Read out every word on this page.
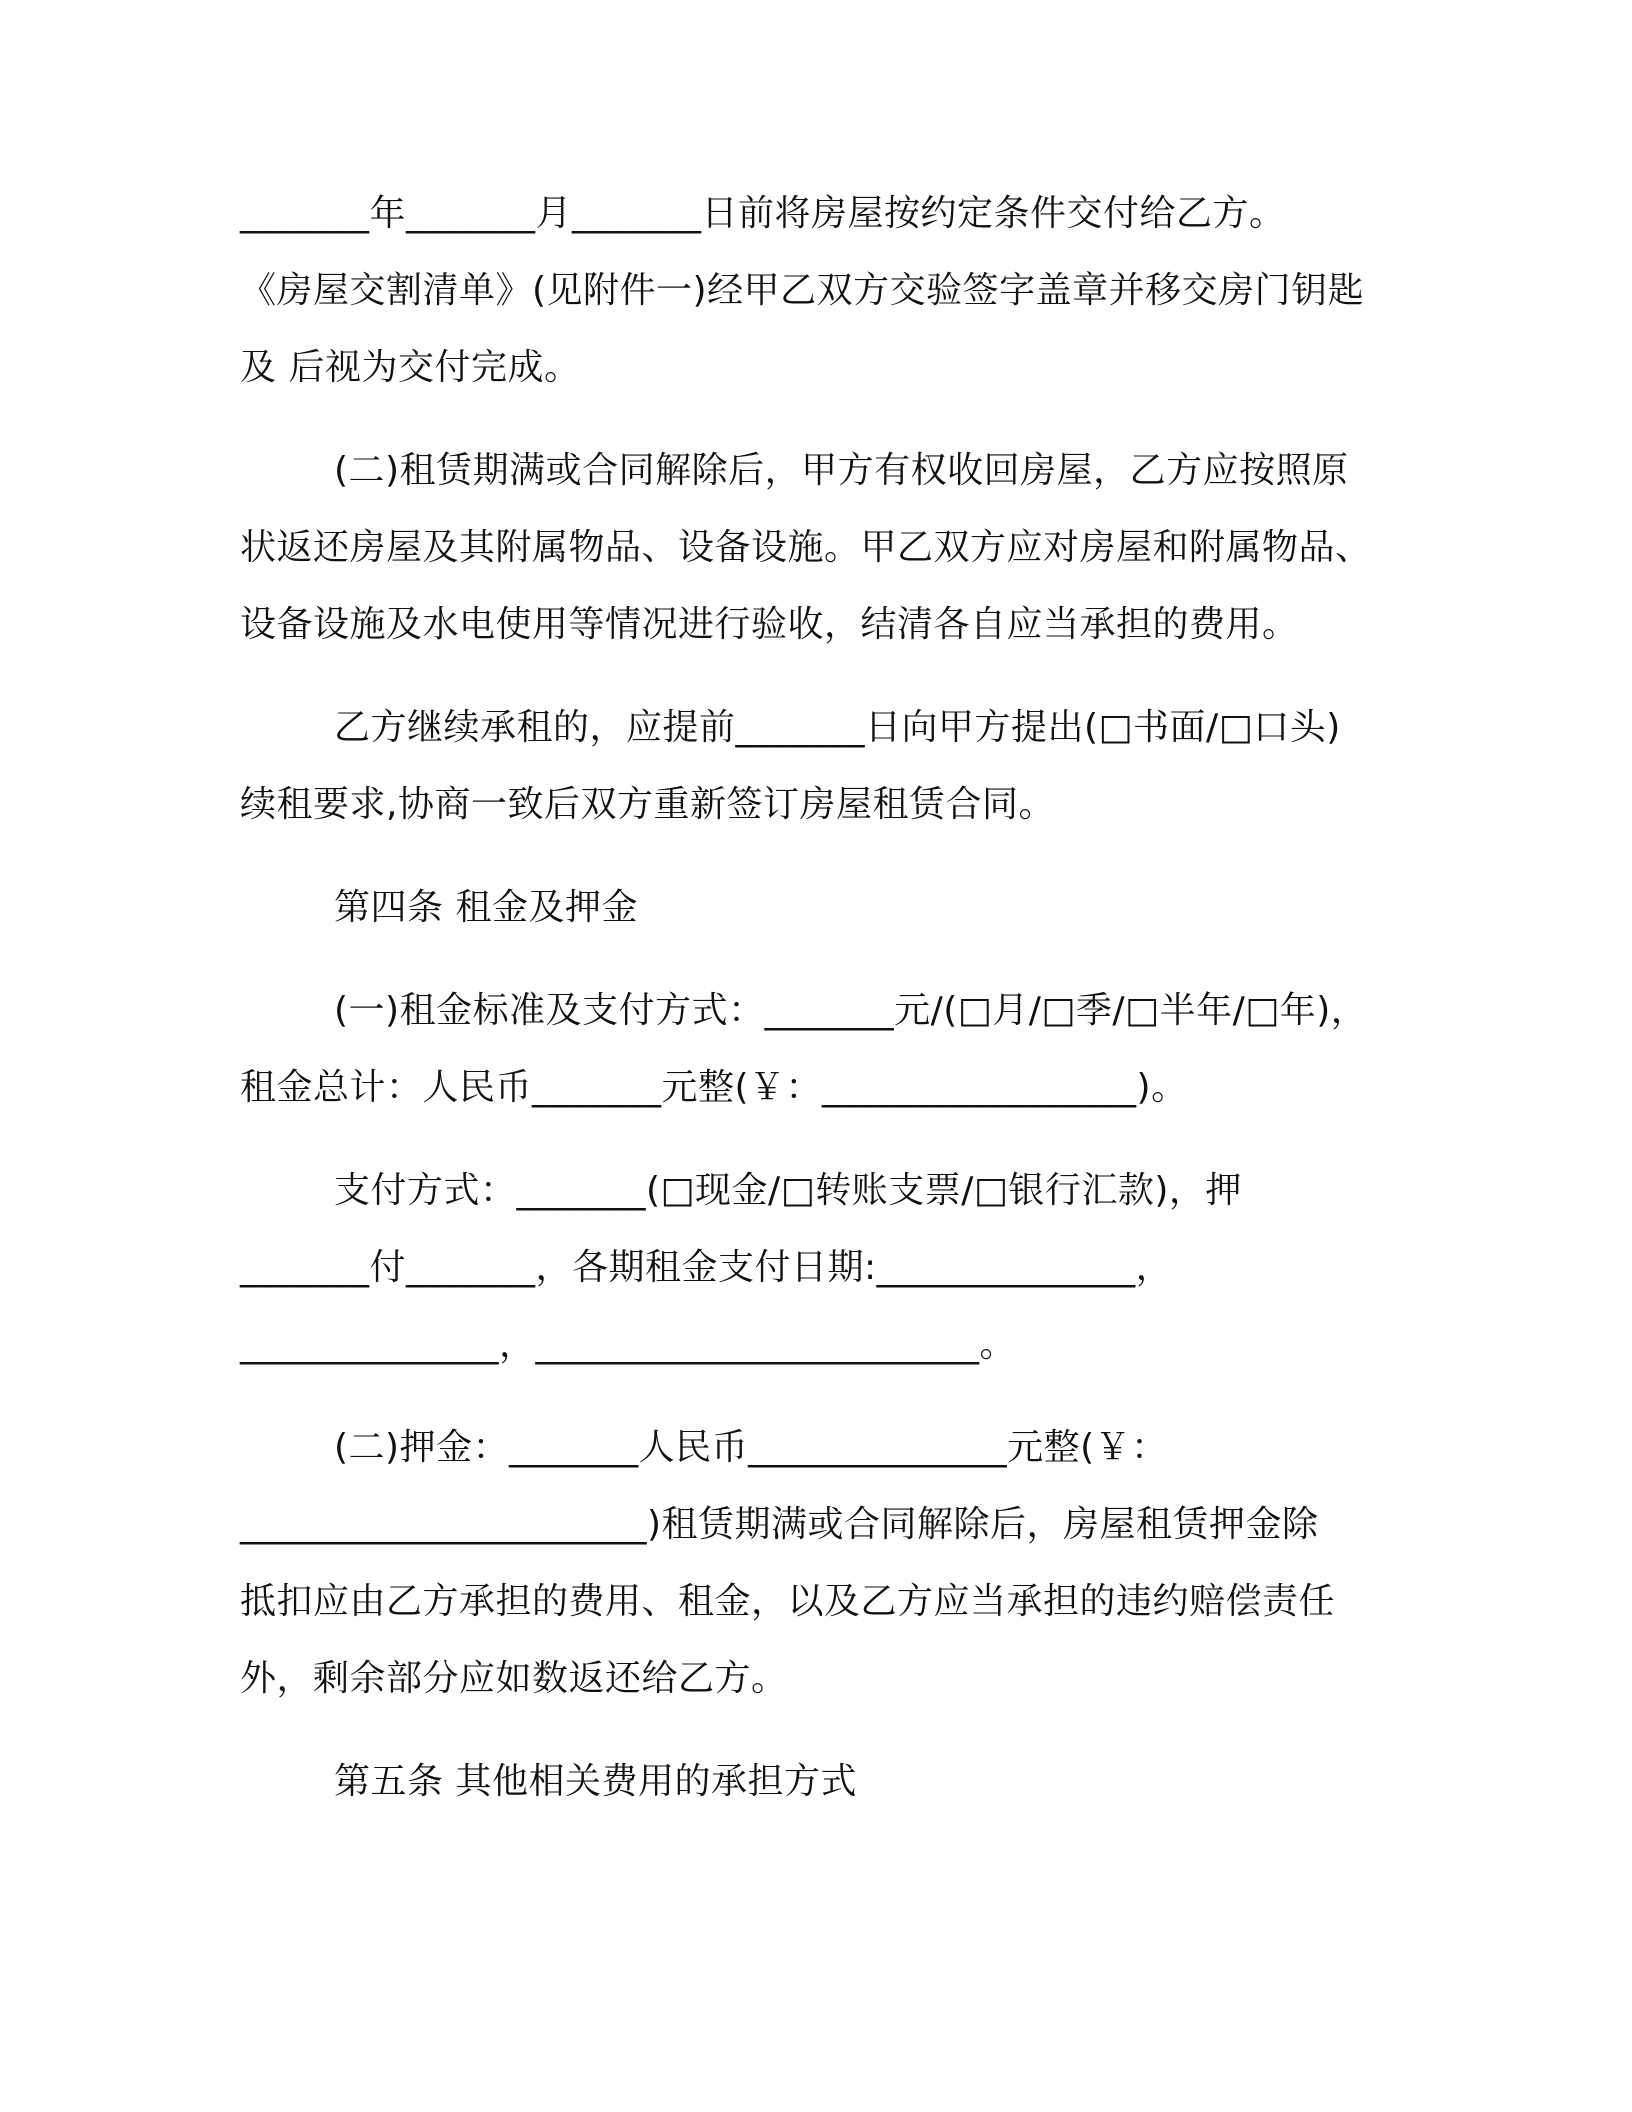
_______年_______月_______日前将房屋按约定条件交付给乙方。
《房屋交割清单》(见附件一)经甲乙双方交验签字盖章并移交房门钥匙
及 后视为交付完成。
(二)租赁期满或合同解除后，甲方有权收回房屋，乙方应按照原
状返还房屋及其附属物品、设备设施。甲乙双方应对房屋和附属物品、
设备设施及水电使用等情况进行验收，结清各自应当承担的费用。
乙方继续承租的，应提前_______日向甲方提出(□书面/□口头)
续租要求,协商一致后双方重新签订房屋租赁合同。
第四条 租金及押金
(一)租金标准及支付方式：_______元/(□月/□季/□半年/□年)，
租金总计：人民币_______元整(￥：_________________)。
支付方式：_______(□现金/□转账支票/□银行汇款)，押
_______付_______，各期租金支付日期:______________，
______________，________________________。
(二)押金：_______人民币______________元整(￥：
______________________)租赁期满或合同解除后，房屋租赁押金除
抵扣应由乙方承担的费用、租金，以及乙方应当承担的违约赔偿责任
外，剩余部分应如数返还给乙方。
第五条 其他相关费用的承担方式
